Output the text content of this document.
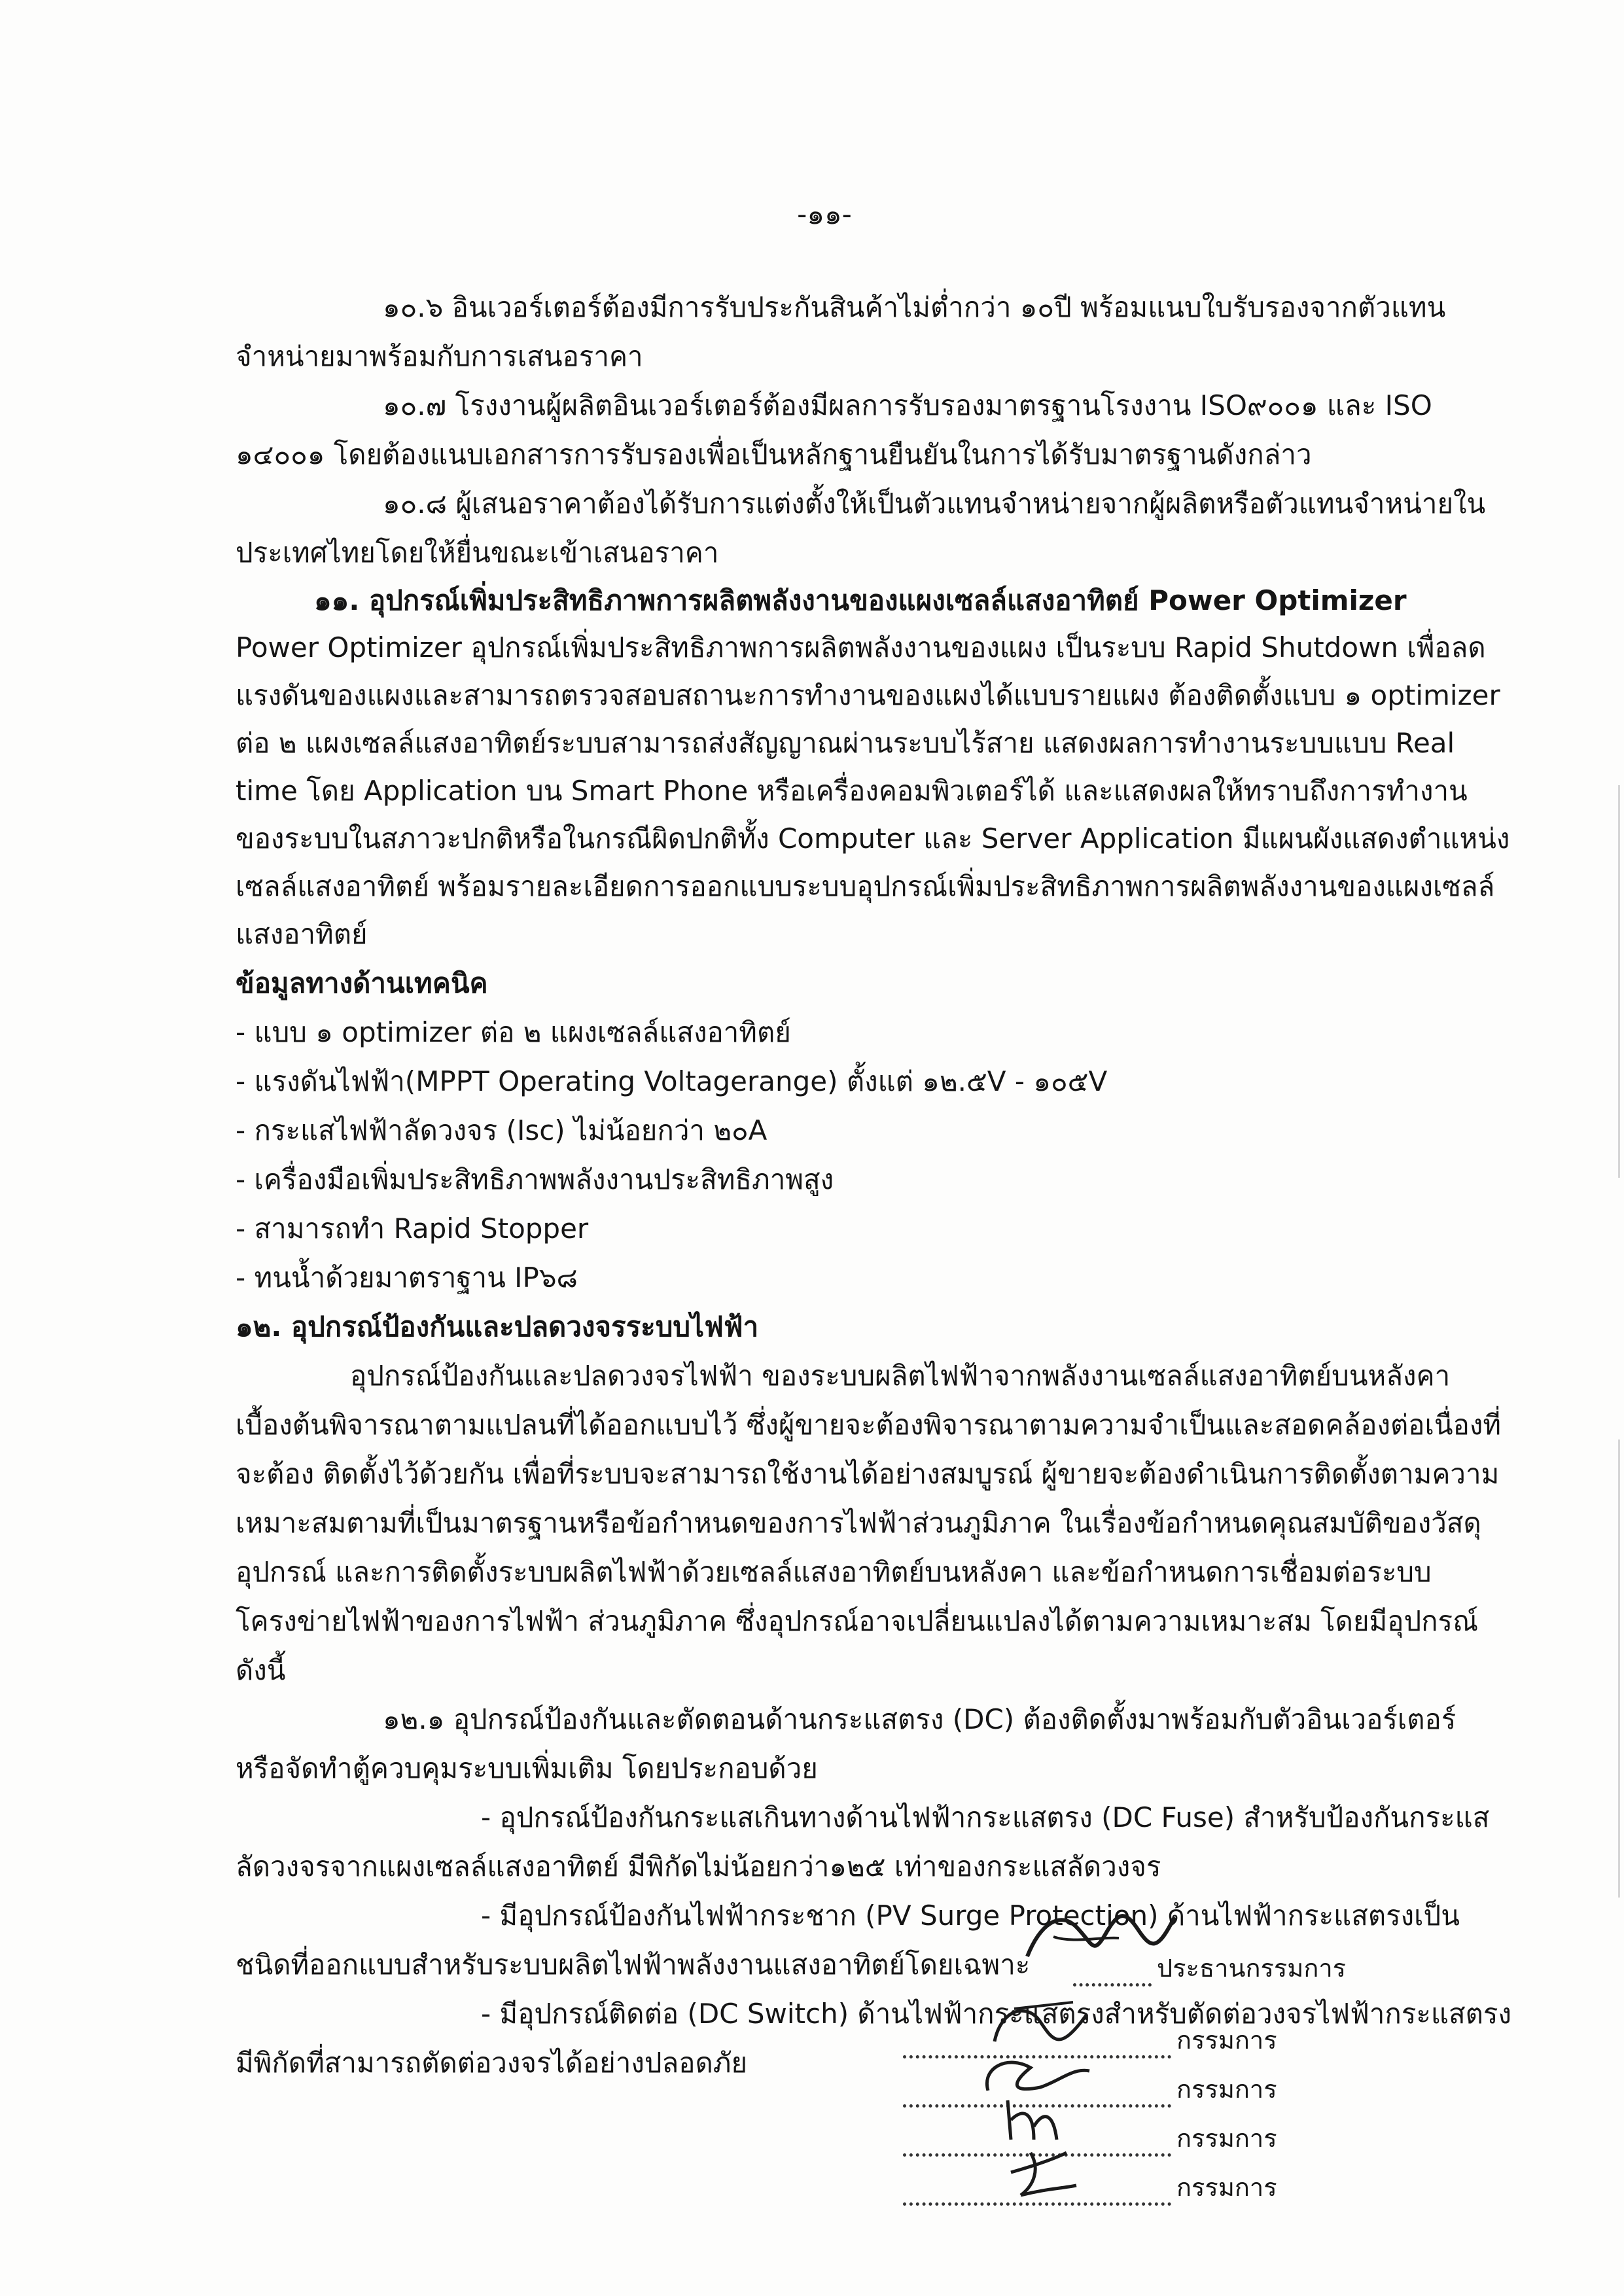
-๑๑-
๑๐.๖ อินเวอร์เตอร์ต้องมีการรับประกันสินค้าไม่ต่ำกว่า ๑๐ปี พร้อมแนบใบรับรองจากตัวแทน
จำหน่ายมาพร้อมกับการเสนอราคา
๑๐.๗ โรงงานผู้ผลิตอินเวอร์เตอร์ต้องมีผลการรับรองมาตรฐานโรงงาน ISO๙๐๐๑ และ ISO
๑๔๐๐๑ โดยต้องแนบเอกสารการรับรองเพื่อเป็นหลักฐานยืนยันในการได้รับมาตรฐานดังกล่าว
๑๐.๘ ผู้เสนอราคาต้องได้รับการแต่งตั้งให้เป็นตัวแทนจำหน่ายจากผู้ผลิตหรือตัวแทนจำหน่ายใน
ประเทศไทยโดยให้ยื่นขณะเข้าเสนอราคา
๑๑. อุปกรณ์เพิ่มประสิทธิภาพการผลิตพลังงานของแผงเซลล์แสงอาทิตย์ Power Optimizer
Power Optimizer อุปกรณ์เพิ่มประสิทธิภาพการผลิตพลังงานของแผง เป็นระบบ Rapid Shutdown เพื่อลด
แรงดันของแผงและสามารถตรวจสอบสถานะการทำงานของแผงได้แบบรายแผง ต้องติดตั้งแบบ ๑ optimizer
ต่อ ๒ แผงเซลล์แสงอาทิตย์ระบบสามารถส่งสัญญาณผ่านระบบไร้สาย แสดงผลการทำงานระบบแบบ Real
time โดย Application บน Smart Phone หรือเครื่องคอมพิวเตอร์ได้ และแสดงผลให้ทราบถึงการทำงาน
ของระบบในสภาวะปกติหรือในกรณีผิดปกติทั้ง Computer และ Server Application มีแผนผังแสดงตำแหน่ง
เซลล์แสงอาทิตย์ พร้อมรายละเอียดการออกแบบระบบอุปกรณ์เพิ่มประสิทธิภาพการผลิตพลังงานของแผงเซลล์
แสงอาทิตย์
ข้อมูลทางด้านเทคนิค
- แบบ ๑ optimizer ต่อ ๒ แผงเซลล์แสงอาทิตย์
- แรงดันไฟฟ้า(MPPT Operating Voltagerange) ตั้งแต่ ๑๒.๕V - ๑๐๕V
- กระแสไฟฟ้าลัดวงจร (Isc) ไม่น้อยกว่า ๒๐A
- เครื่องมือเพิ่มประสิทธิภาพพลังงานประสิทธิภาพสูง
- สามารถทำ Rapid Stopper
- ทนน้ำด้วยมาตราฐาน IP๖๘
๑๒. อุปกรณ์ป้องกันและปลดวงจรระบบไฟฟ้า
อุปกรณ์ป้องกันและปลดวงจรไฟฟ้า ของระบบผลิตไฟฟ้าจากพลังงานเซลล์แสงอาทิตย์บนหลังคา
เบื้องต้นพิจารณาตามแปลนที่ได้ออกแบบไว้ ซึ่งผู้ขายจะต้องพิจารณาตามความจำเป็นและสอดคล้องต่อเนื่องที่
จะต้อง ติดตั้งไว้ด้วยกัน เพื่อที่ระบบจะสามารถใช้งานได้อย่างสมบูรณ์ ผู้ขายจะต้องดำเนินการติดตั้งตามความ
เหมาะสมตามที่เป็นมาตรฐานหรือข้อกำหนดของการไฟฟ้าส่วนภูมิภาค ในเรื่องข้อกำหนดคุณสมบัติของวัสดุ
อุปกรณ์ และการติดตั้งระบบผลิตไฟฟ้าด้วยเซลล์แสงอาทิตย์บนหลังคา และข้อกำหนดการเชื่อมต่อระบบ
โครงข่ายไฟฟ้าของการไฟฟ้า ส่วนภูมิภาค ซึ่งอุปกรณ์อาจเปลี่ยนแปลงได้ตามความเหมาะสม โดยมีอุปกรณ์
ดังนี้
๑๒.๑ อุปกรณ์ป้องกันและตัดตอนด้านกระแสตรง (DC) ต้องติดตั้งมาพร้อมกับตัวอินเวอร์เตอร์
หรือจัดทำตู้ควบคุมระบบเพิ่มเติม โดยประกอบด้วย
- อุปกรณ์ป้องกันกระแสเกินทางด้านไฟฟ้ากระแสตรง (DC Fuse) สำหรับป้องกันกระแส
ลัดวงจรจากแผงเซลล์แสงอาทิตย์ มีพิกัดไม่น้อยกว่า๑๒๕ เท่าของกระแสลัดวงจร
- มีอุปกรณ์ป้องกันไฟฟ้ากระชาก (PV Surge Protection) ด้านไฟฟ้ากระแสตรงเป็น
ชนิดที่ออกแบบสำหรับระบบผลิตไฟฟ้าพลังงานแสงอาทิตย์โดยเฉพาะ
- มีอุปกรณ์ติดต่อ (DC Switch) ด้านไฟฟ้ากระแสตรงสำหรับตัดต่อวงจรไฟฟ้ากระแสตรง
มีพิกัดที่สามารถตัดต่อวงจรได้อย่างปลอดภัย
ประธานกรรมการ
กรรมการ
กรรมการ
กรรมการ
กรรมการ
